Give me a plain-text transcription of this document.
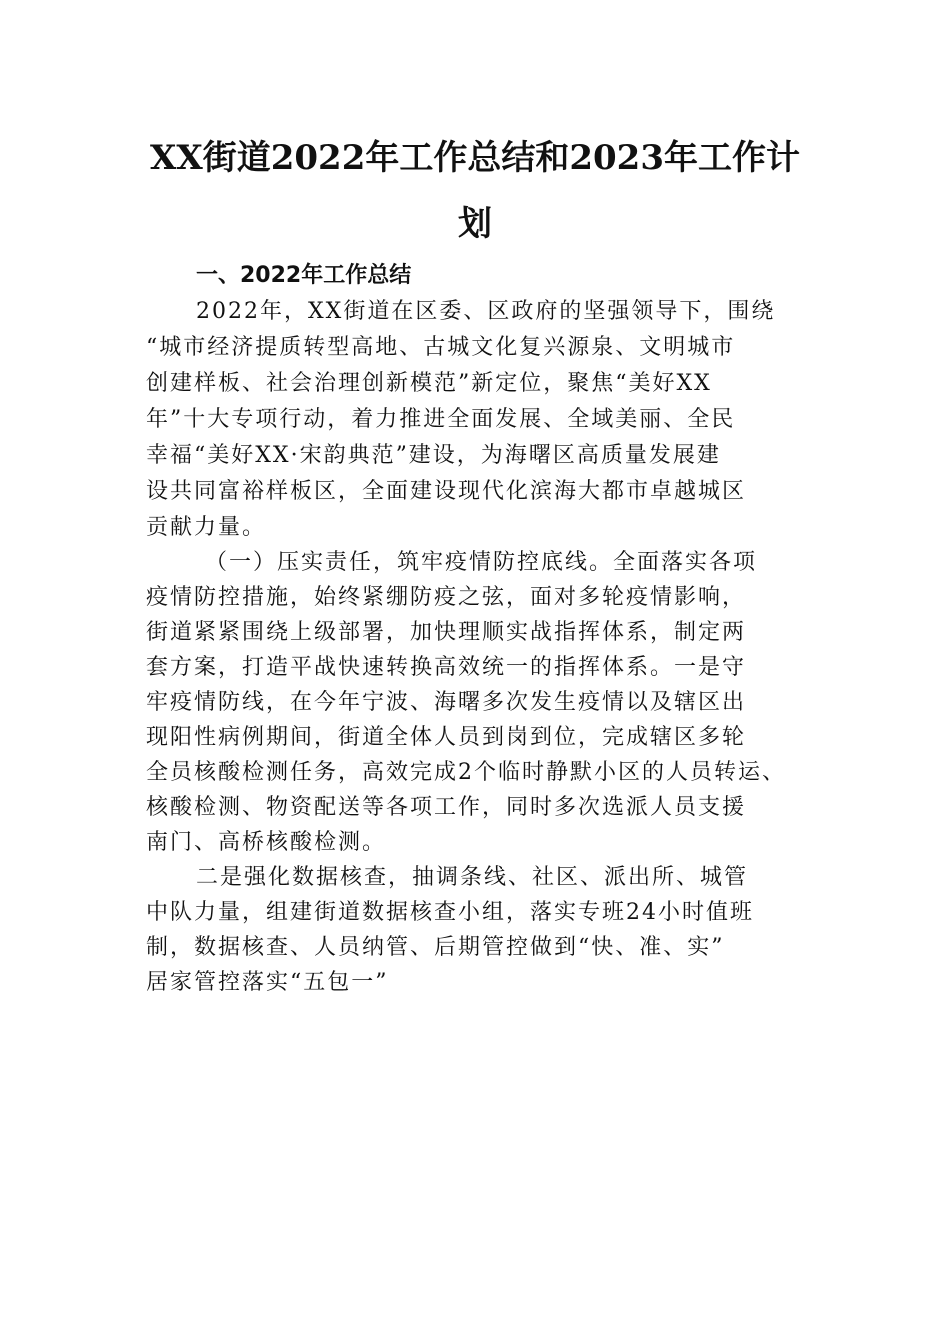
XX街道2022年工作总结和2023年工作计
划
一、2022年工作总结
2022年，XX街道在区委、区政府的坚强领导下，围绕
“城市经济提质转型高地、古城文化复兴源泉、文明城市
创建样板、社会治理创新模范”新定位，聚焦“美好XX
年”十大专项行动，着力推进全面发展、全域美丽、全民
幸福“美好XX·宋韵典范”建设，为海曙区高质量发展建
设共同富裕样板区，全面建设现代化滨海大都市卓越城区
贡献力量。
（一）压实责任，筑牢疫情防控底线。全面落实各项
疫情防控措施，始终紧绷防疫之弦，面对多轮疫情影响，
街道紧紧围绕上级部署，加快理顺实战指挥体系，制定两
套方案，打造平战快速转换高效统一的指挥体系。一是守
牢疫情防线，在今年宁波、海曙多次发生疫情以及辖区出
现阳性病例期间，街道全体人员到岗到位，完成辖区多轮
全员核酸检测任务，高效完成2个临时静默小区的人员转运、
核酸检测、物资配送等各项工作，同时多次选派人员支援
南门、高桥核酸检测。
二是强化数据核查，抽调条线、社区、派出所、城管
中队力量，组建街道数据核查小组，落实专班24小时值班
制，数据核查、人员纳管、后期管控做到“快、准、实”
居家管控落实“五包一”
